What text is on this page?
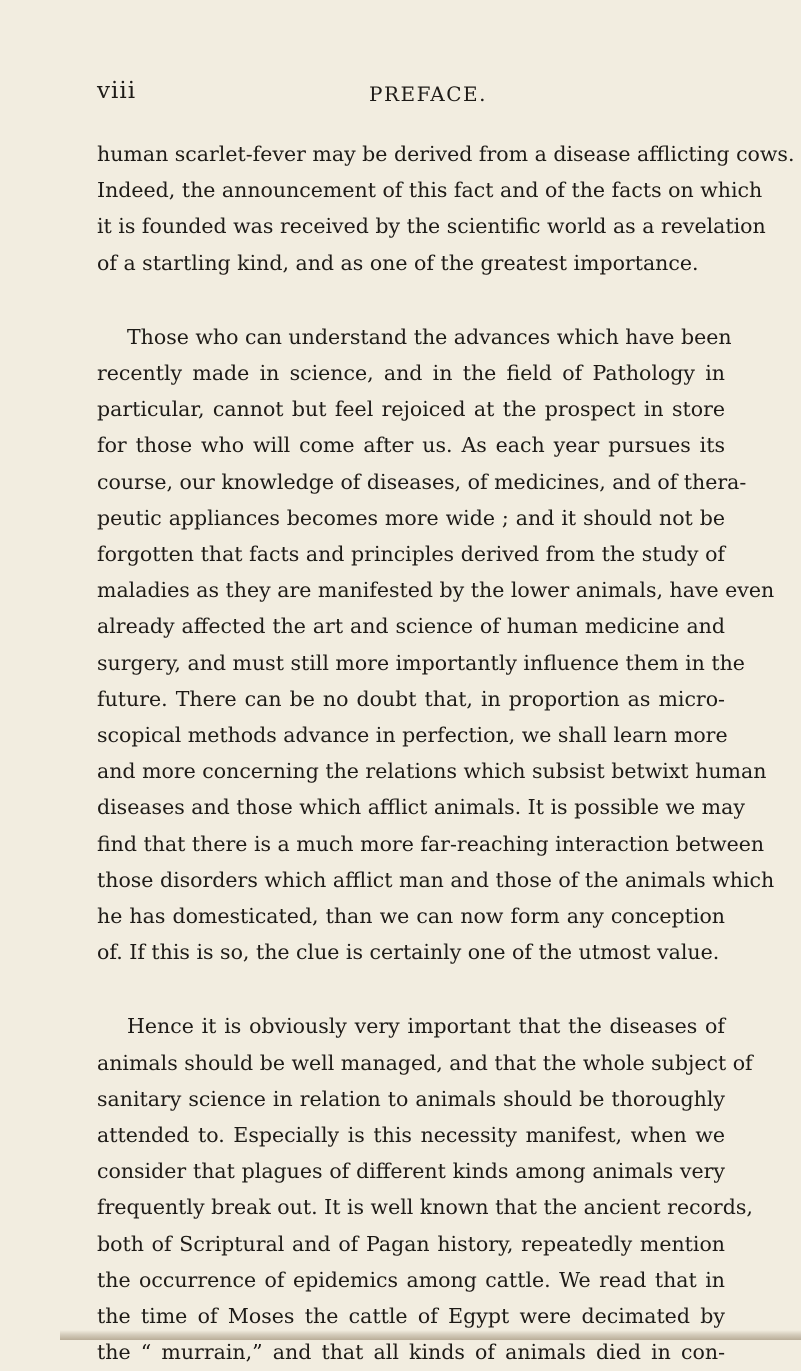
viii	PREFACE.

human scarlet-fever may be derived from a disease afflicting cows.
Indeed, the announcement of this fact and of the facts on which
it is founded was received by the scientific world as a revelation
of a startling kind, and as one of the greatest importance.

Those who can understand the advances which have been
recently made in science, and in the field of Pathology in
particular, cannot but feel rejoiced at the prospect in store
for those who will come after us. As each year pursues its
course, our knowledge of diseases, of medicines, and of thera-
peutic appliances becomes more wide ; and it should not be
forgotten that facts and principles derived from the study of
maladies as they are manifested by the lower animals, have even
already affected the art and science of human medicine and
surgery, and must still more importantly influence them in the
future. There can be no doubt that, in proportion as micro-
scopical methods advance in perfection, we shall learn more
and more concerning the relations which subsist betwixt human
diseases and those which afflict animals. It is possible we may
find that there is a much more far-reaching interaction between
those disorders which afflict man and those of the animals which
he has domesticated, than we can now form any conception
of. If this is so, the clue is certainly one of the utmost value.

Hence it is obviously very important that the diseases of
animals should be well managed, and that the whole subject of
sanitary science in relation to animals should be thoroughly
attended to. Especially is this necessity manifest, when we
consider that plagues of different kinds among animals very
frequently break out. It is well known that the ancient records,
both of Scriptural and of Pagan history, repeatedly mention
the occurrence of epidemics among cattle. We read that in
the time of Moses the cattle of Egypt were decimated by
the “ murrain,” and that all kinds of animals died in con-
